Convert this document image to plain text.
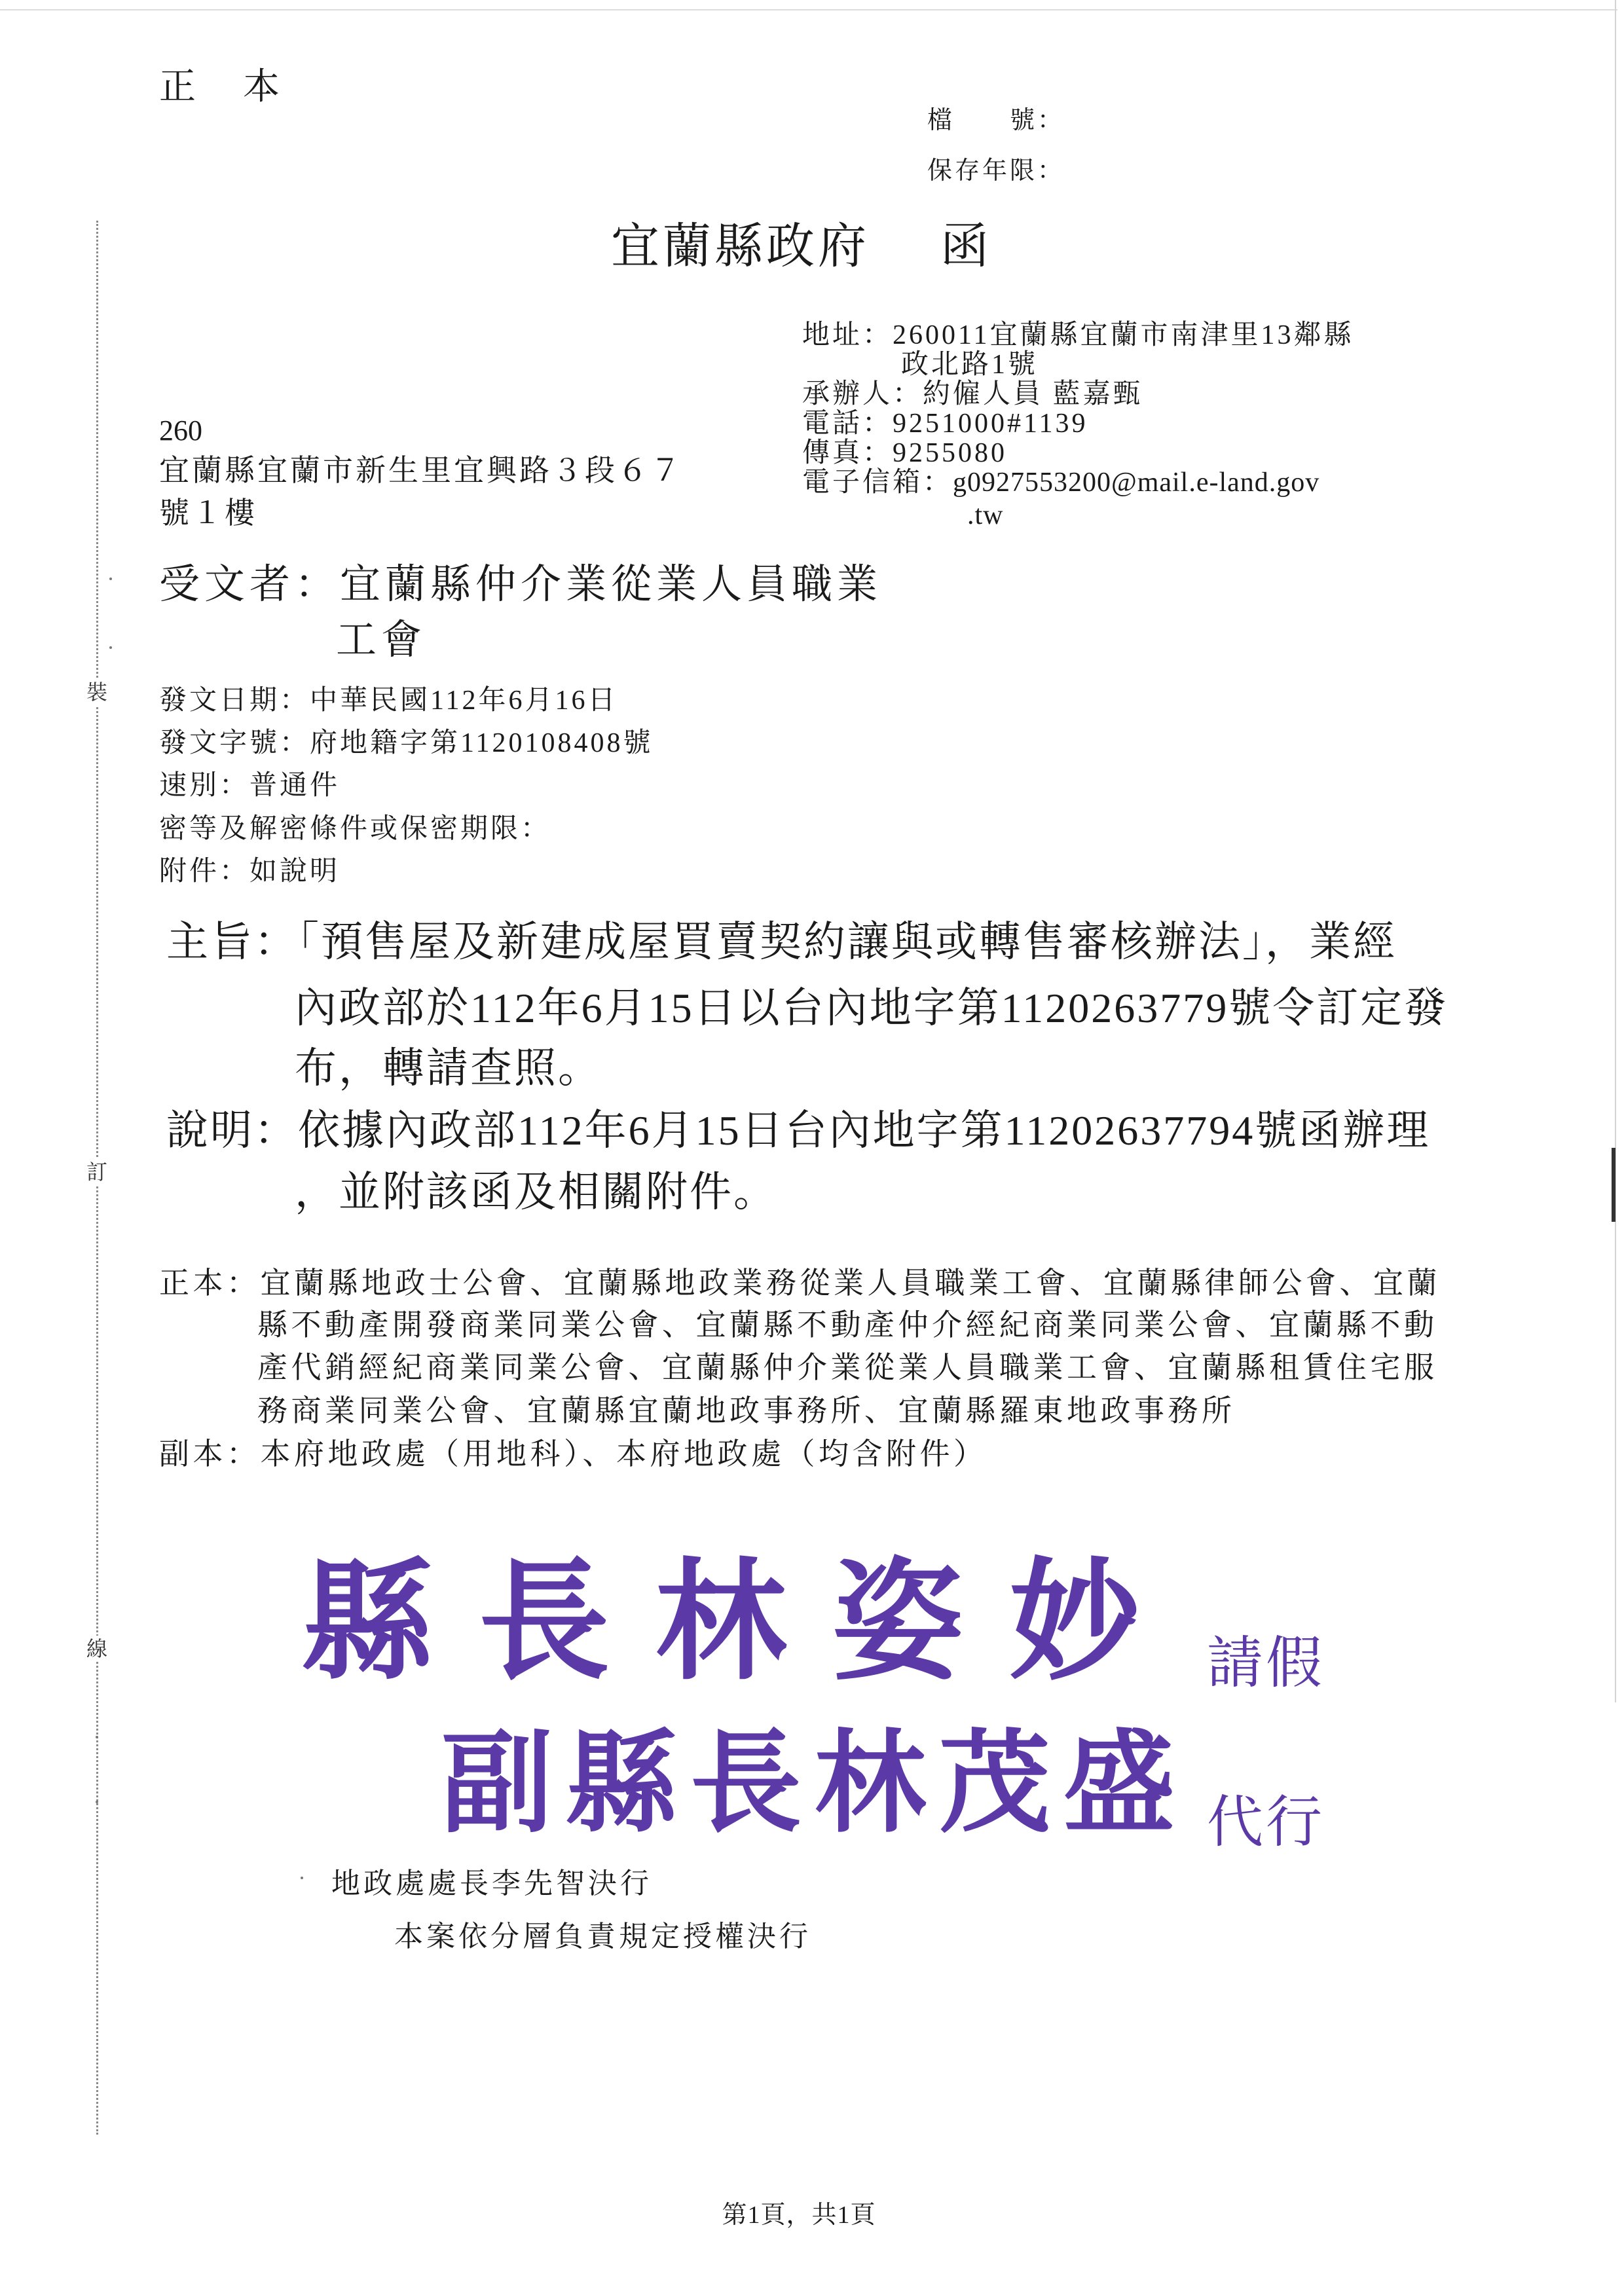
裝
訂
線
正　本
檔　　號：
保存年限：
宜蘭縣政府 函
地址：260011宜蘭縣宜蘭市南津里13鄰縣
政北路1號
承辦人：約僱人員 藍嘉甄
電話：9251000#1139
傳真：9255080
電子信箱：g0927553200@mail.e-land.gov
.tw
260
宜蘭縣宜蘭市新生里宜興路３段６７
號１樓
受文者：宜蘭縣仲介業從業人員職業
工會
發文日期：中華民國112年6月16日
發文字號：府地籍字第1120108408號
速別：普通件
密等及解密條件或保密期限：
附件：如說明
主旨：「預售屋及新建成屋買賣契約讓與或轉售審核辦法」，業經
內政部於112年6月15日以台內地字第1120263779號令訂定發
布，轉請查照。
說明：依據內政部112年6月15日台內地字第11202637794號函辦理
，並附該函及相關附件。
正本：宜蘭縣地政士公會、宜蘭縣地政業務從業人員職業工會、宜蘭縣律師公會、宜蘭
縣不動產開發商業同業公會、宜蘭縣不動產仲介經紀商業同業公會、宜蘭縣不動
產代銷經紀商業同業公會、宜蘭縣仲介業從業人員職業工會、宜蘭縣租賃住宅服
務商業同業公會、宜蘭縣宜蘭地政事務所、宜蘭縣羅東地政事務所
副本：本府地政處（用地科）、本府地政處（均含附件）
縣長林姿妙 請假
副縣長林茂盛 代行
地政處處長李先智決行
本案依分層負責規定授權決行
第1頁，共1頁
